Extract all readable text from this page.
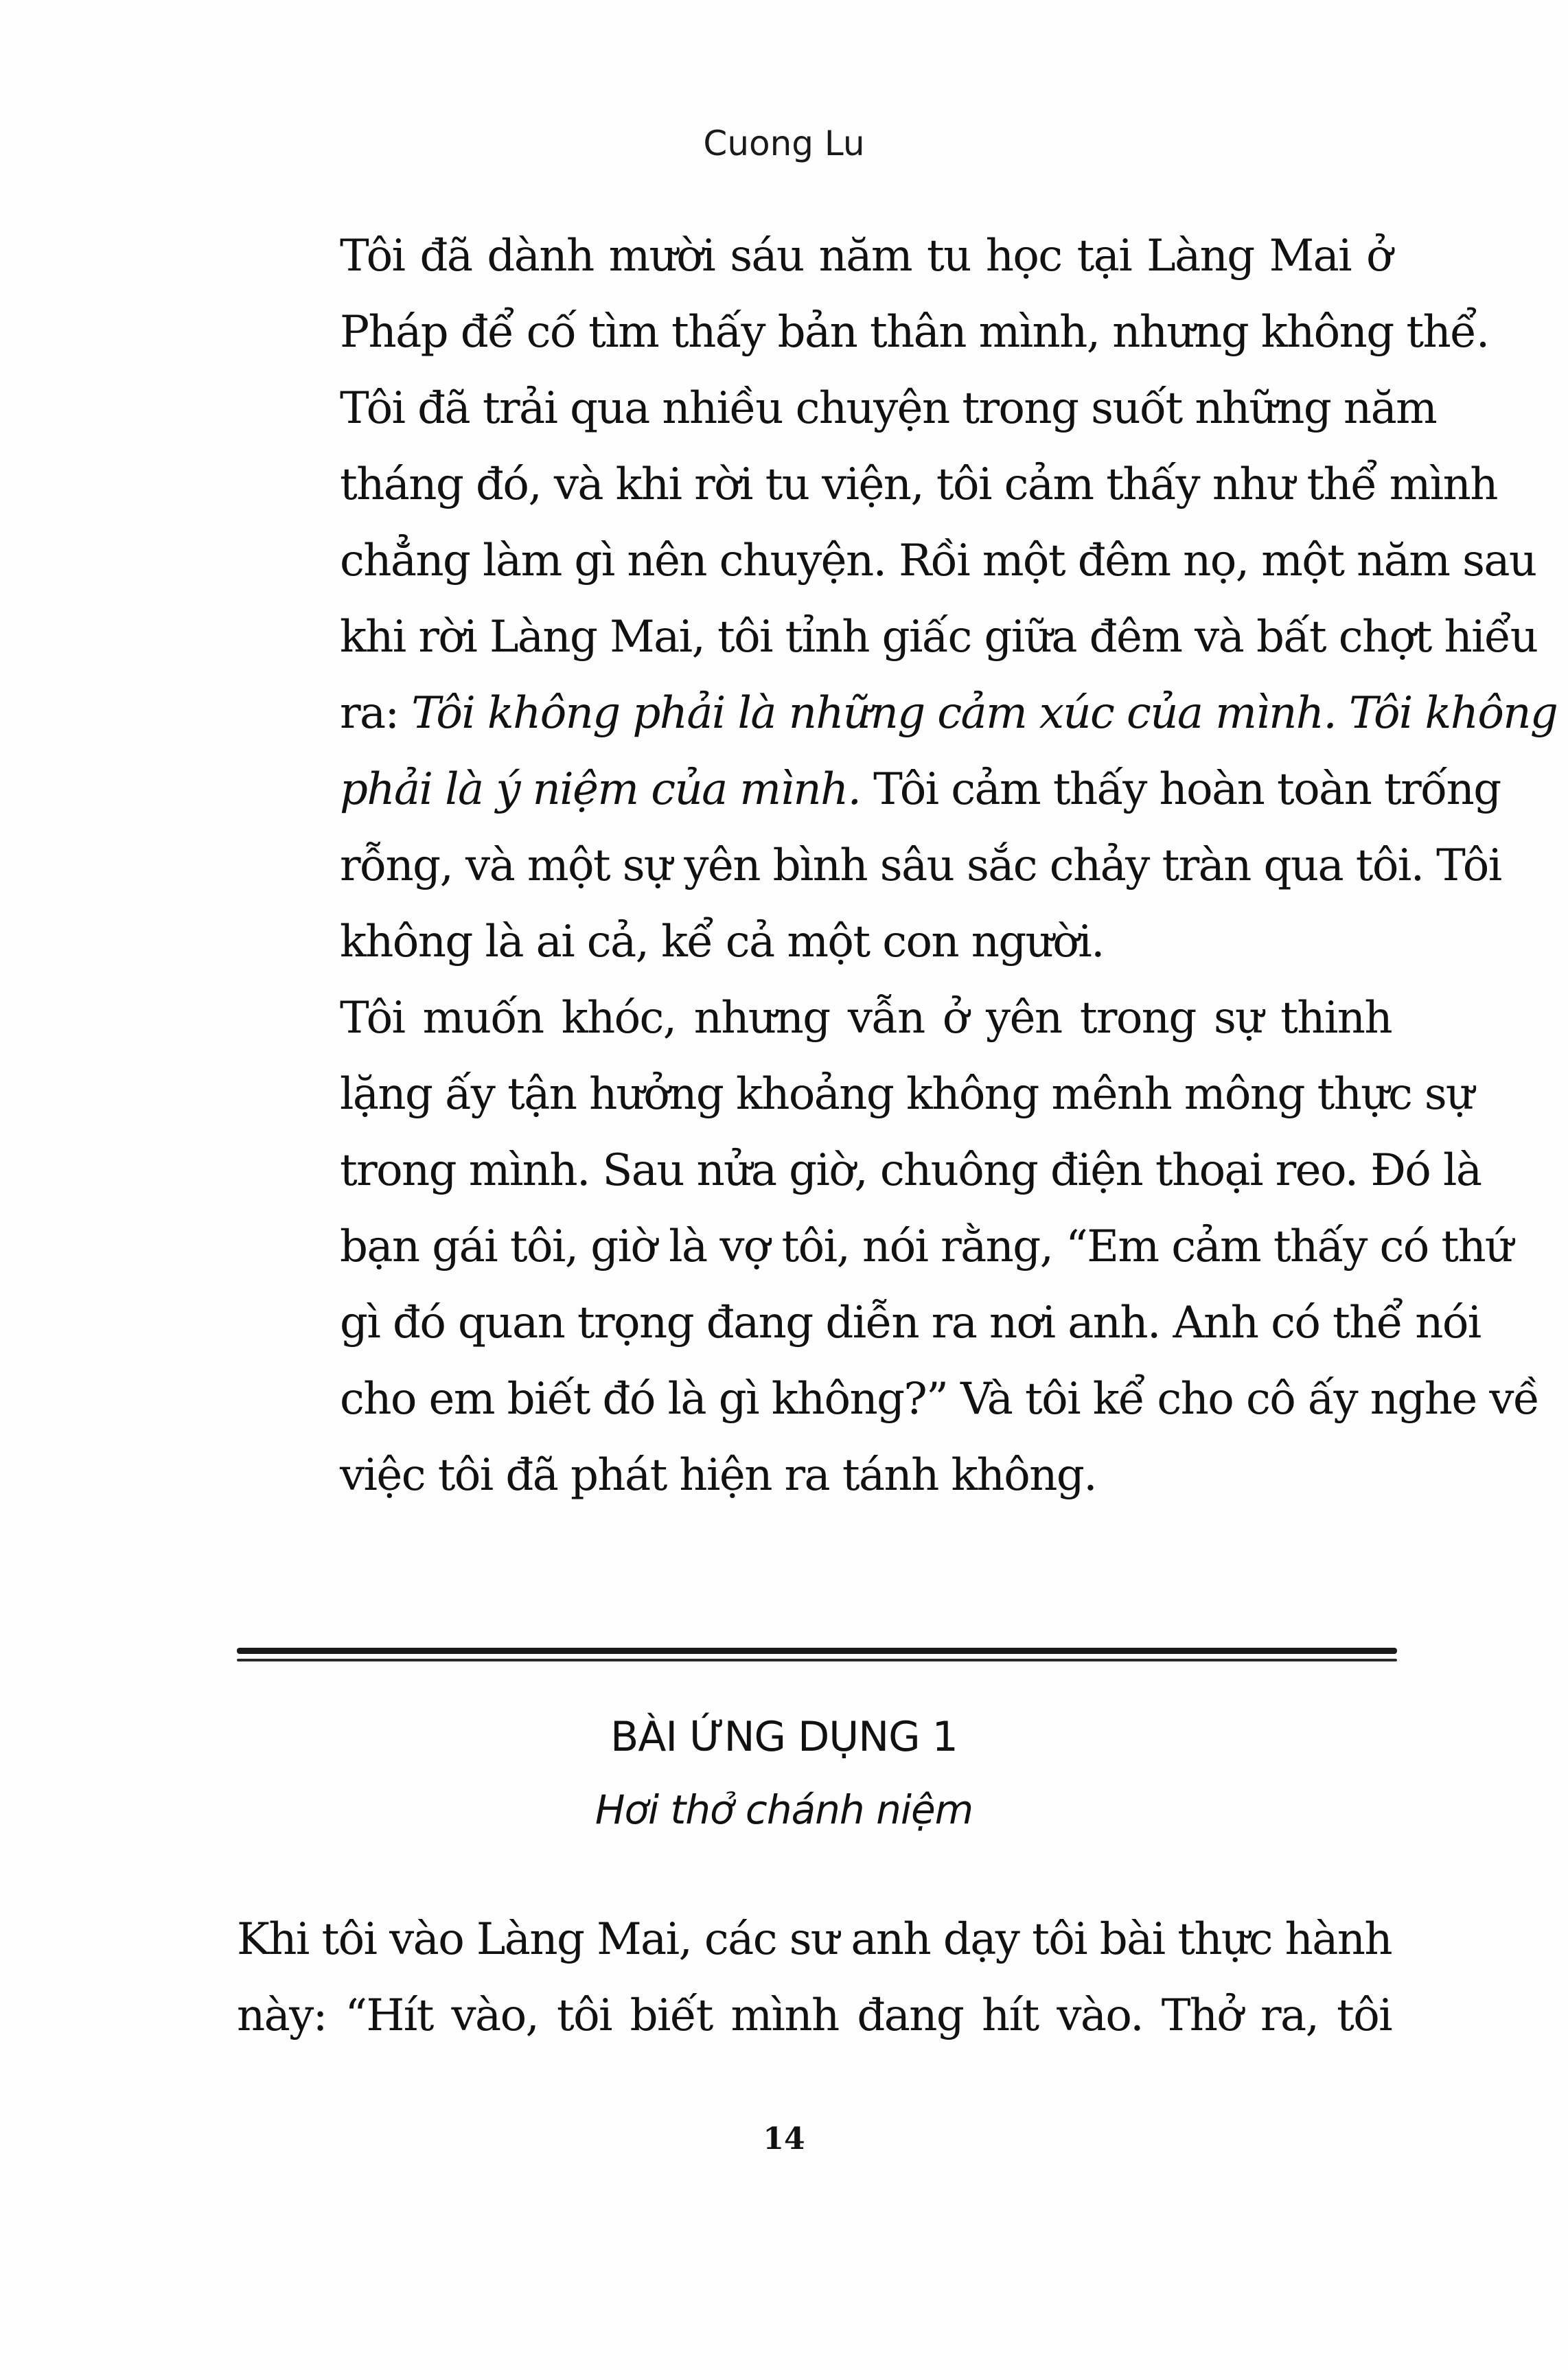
Cuong Lu

Tôi đã dành mười sáu năm tu học tại Làng Mai ở
Pháp để cố tìm thấy bản thân mình, nhưng không thể.
Tôi đã trải qua nhiều chuyện trong suốt những năm
tháng đó, và khi rời tu viện, tôi cảm thấy như thể mình
chẳng làm gì nên chuyện. Rồi một đêm nọ, một năm sau
khi rời Làng Mai, tôi tỉnh giấc giữa đêm và bất chợt hiểu
ra: Tôi không phải là những cảm xúc của mình. Tôi không
phải là ý niệm của mình. Tôi cảm thấy hoàn toàn trống
rỗng, và một sự yên bình sâu sắc chảy tràn qua tôi. Tôi
không là ai cả, kể cả một con người.

Tôi muốn khóc, nhưng vẫn ở yên trong sự thinh
lặng ấy tận hưởng khoảng không mênh mông thực sự
trong mình. Sau nửa giờ, chuông điện thoại reo. Đó là
bạn gái tôi, giờ là vợ tôi, nói rằng, “Em cảm thấy có thứ
gì đó quan trọng đang diễn ra nơi anh. Anh có thể nói
cho em biết đó là gì không?” Và tôi kể cho cô ấy nghe về
việc tôi đã phát hiện ra tánh không.

BÀI ỨNG DỤNG 1
Hơi thở chánh niệm

Khi tôi vào Làng Mai, các sư anh dạy tôi bài thực hành
này: “Hít vào, tôi biết mình đang hít vào. Thở ra, tôi

14
